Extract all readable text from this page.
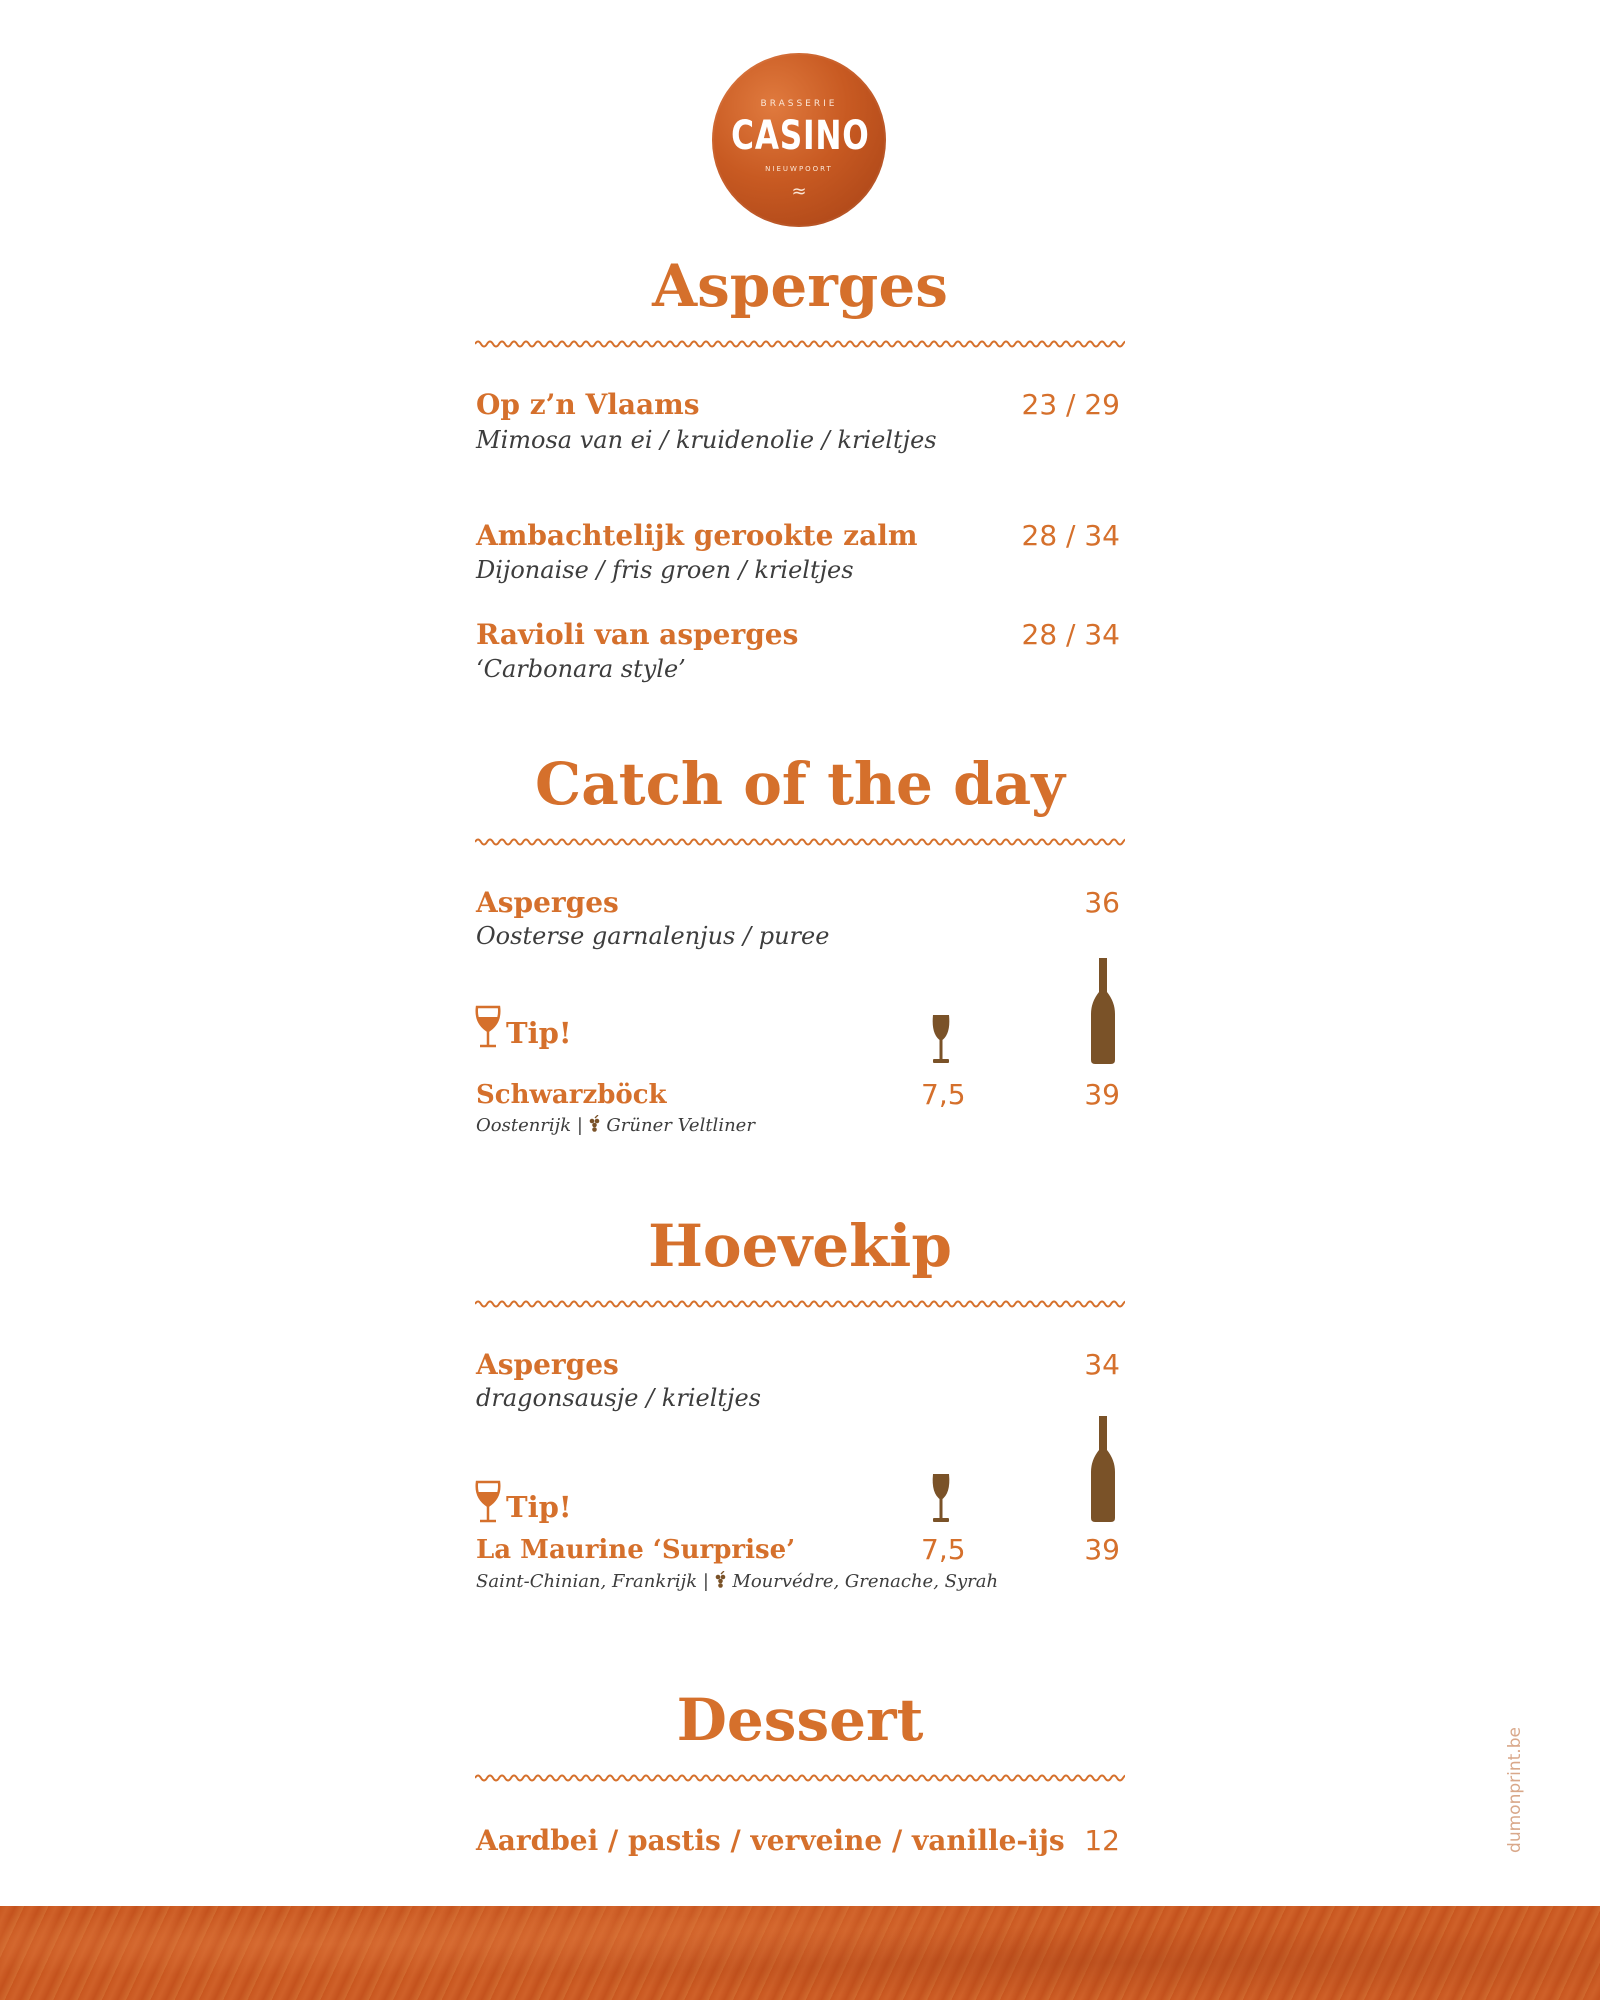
BRASSERIE
CASINO
NIEUWPOORT
≈
Asperges
Op z’n Vlaams	23 / 29
Mimosa van ei / kruidenolie / krieltjes
Ambachtelijk gerookte zalm	28 / 34
Dijonaise / fris groen / krieltjes
Ravioli van asperges	28 / 34
‘Carbonara style’
Catch of the day
Asperges	36
Oosterse garnalenjus / puree
Tip!
Schwarzböck	7,5	39
Oostenrijk | Grüner Veltliner
Hoevekip
Asperges	34
dragonsausje / krieltjes
Tip!
La Maurine ‘Surprise’	7,5	39
Saint-Chinian, Frankrijk | Mourvédre, Grenache, Syrah
Dessert
Aardbei / pastis / verveine / vanille-ijs 12	dumonprint.be
